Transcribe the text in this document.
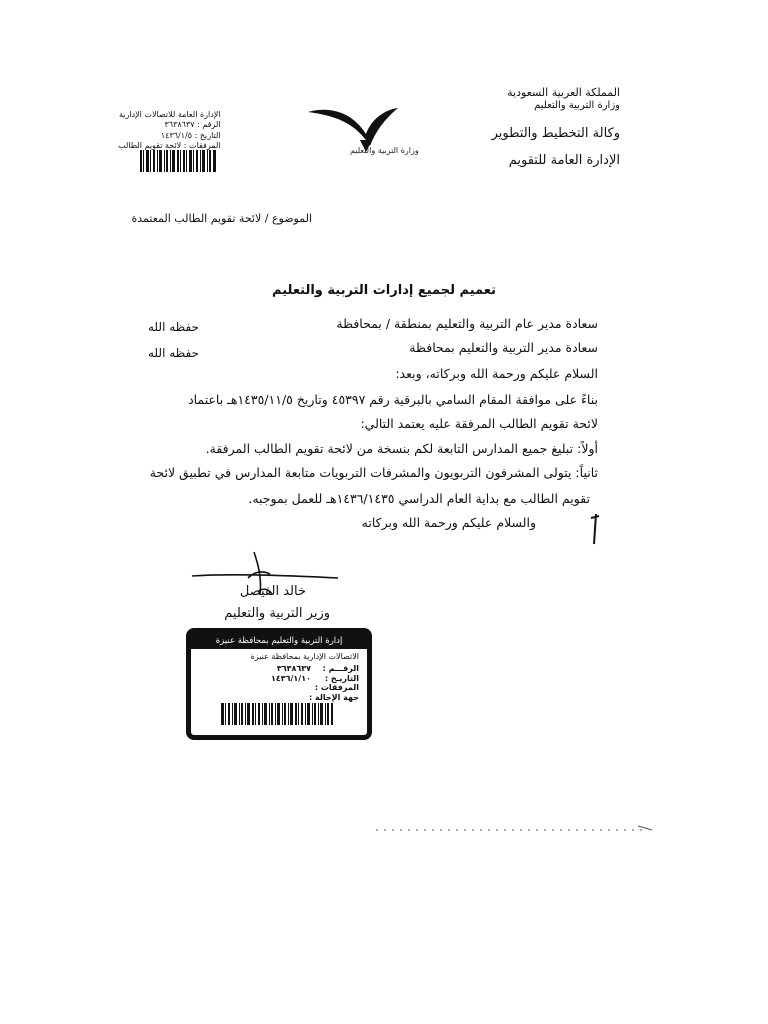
المملكة العربية السعودية
وزارة التربية والتعليم
وكالة التخطيط والتطوير
الإدارة العامة للتقويم
وزارة التربية والتعليم
الإدارة العامة للاتصالات الإدارية
الرقم : ٣٦٣٨٦٣٧
التاريخ : ١٤٣٦/١/٥
المرفقات : لائحة تقويم الطالب
الموضوع / لائحة تقويم الطالب المعتمدة
تعميم لجميع إدارات التربية والتعليم
سعادة مدير عام التربية والتعليم بمنطقة / بمحافظة
حفظه الله
سعادة مدير التربية والتعليم بمحافظة
حفظه الله
السلام عليكم ورحمة الله وبركاته، وبعد:
بناءً على موافقة المقام السامي بالبرقية رقم ٤٥٣٩٧ وتاريخ ١٤٣٥/١١/٥هـ باعتماد
لائحة تقويم الطالب المرفقة عليه يعتمد التالي:
أولاً: تبليغ جميع المدارس التابعة لكم بنسخة من لائحة تقويم الطالب المرفقة.
ثانياً: يتولى المشرفون التربويون والمشرفات التربويات متابعة المدارس في تطبيق لائحة
تقويم الطالب مع بداية العام الدراسي ١٤٣٦/١٤٣٥هـ للعمل بموجبه.
والسلام عليكم ورحمة الله وبركاته
خالد الفيصل
وزير التربية والتعليم
إدارة التربية والتعليم بمحافظة عنيزة
الاتصالات الإدارية بمحافظة عنيزة
الرقـــم :٣٦٣٨٦٣٧
التاريـخ :١٤٣٦/١/١٠
المرفقات :
جهة الإحالة :
